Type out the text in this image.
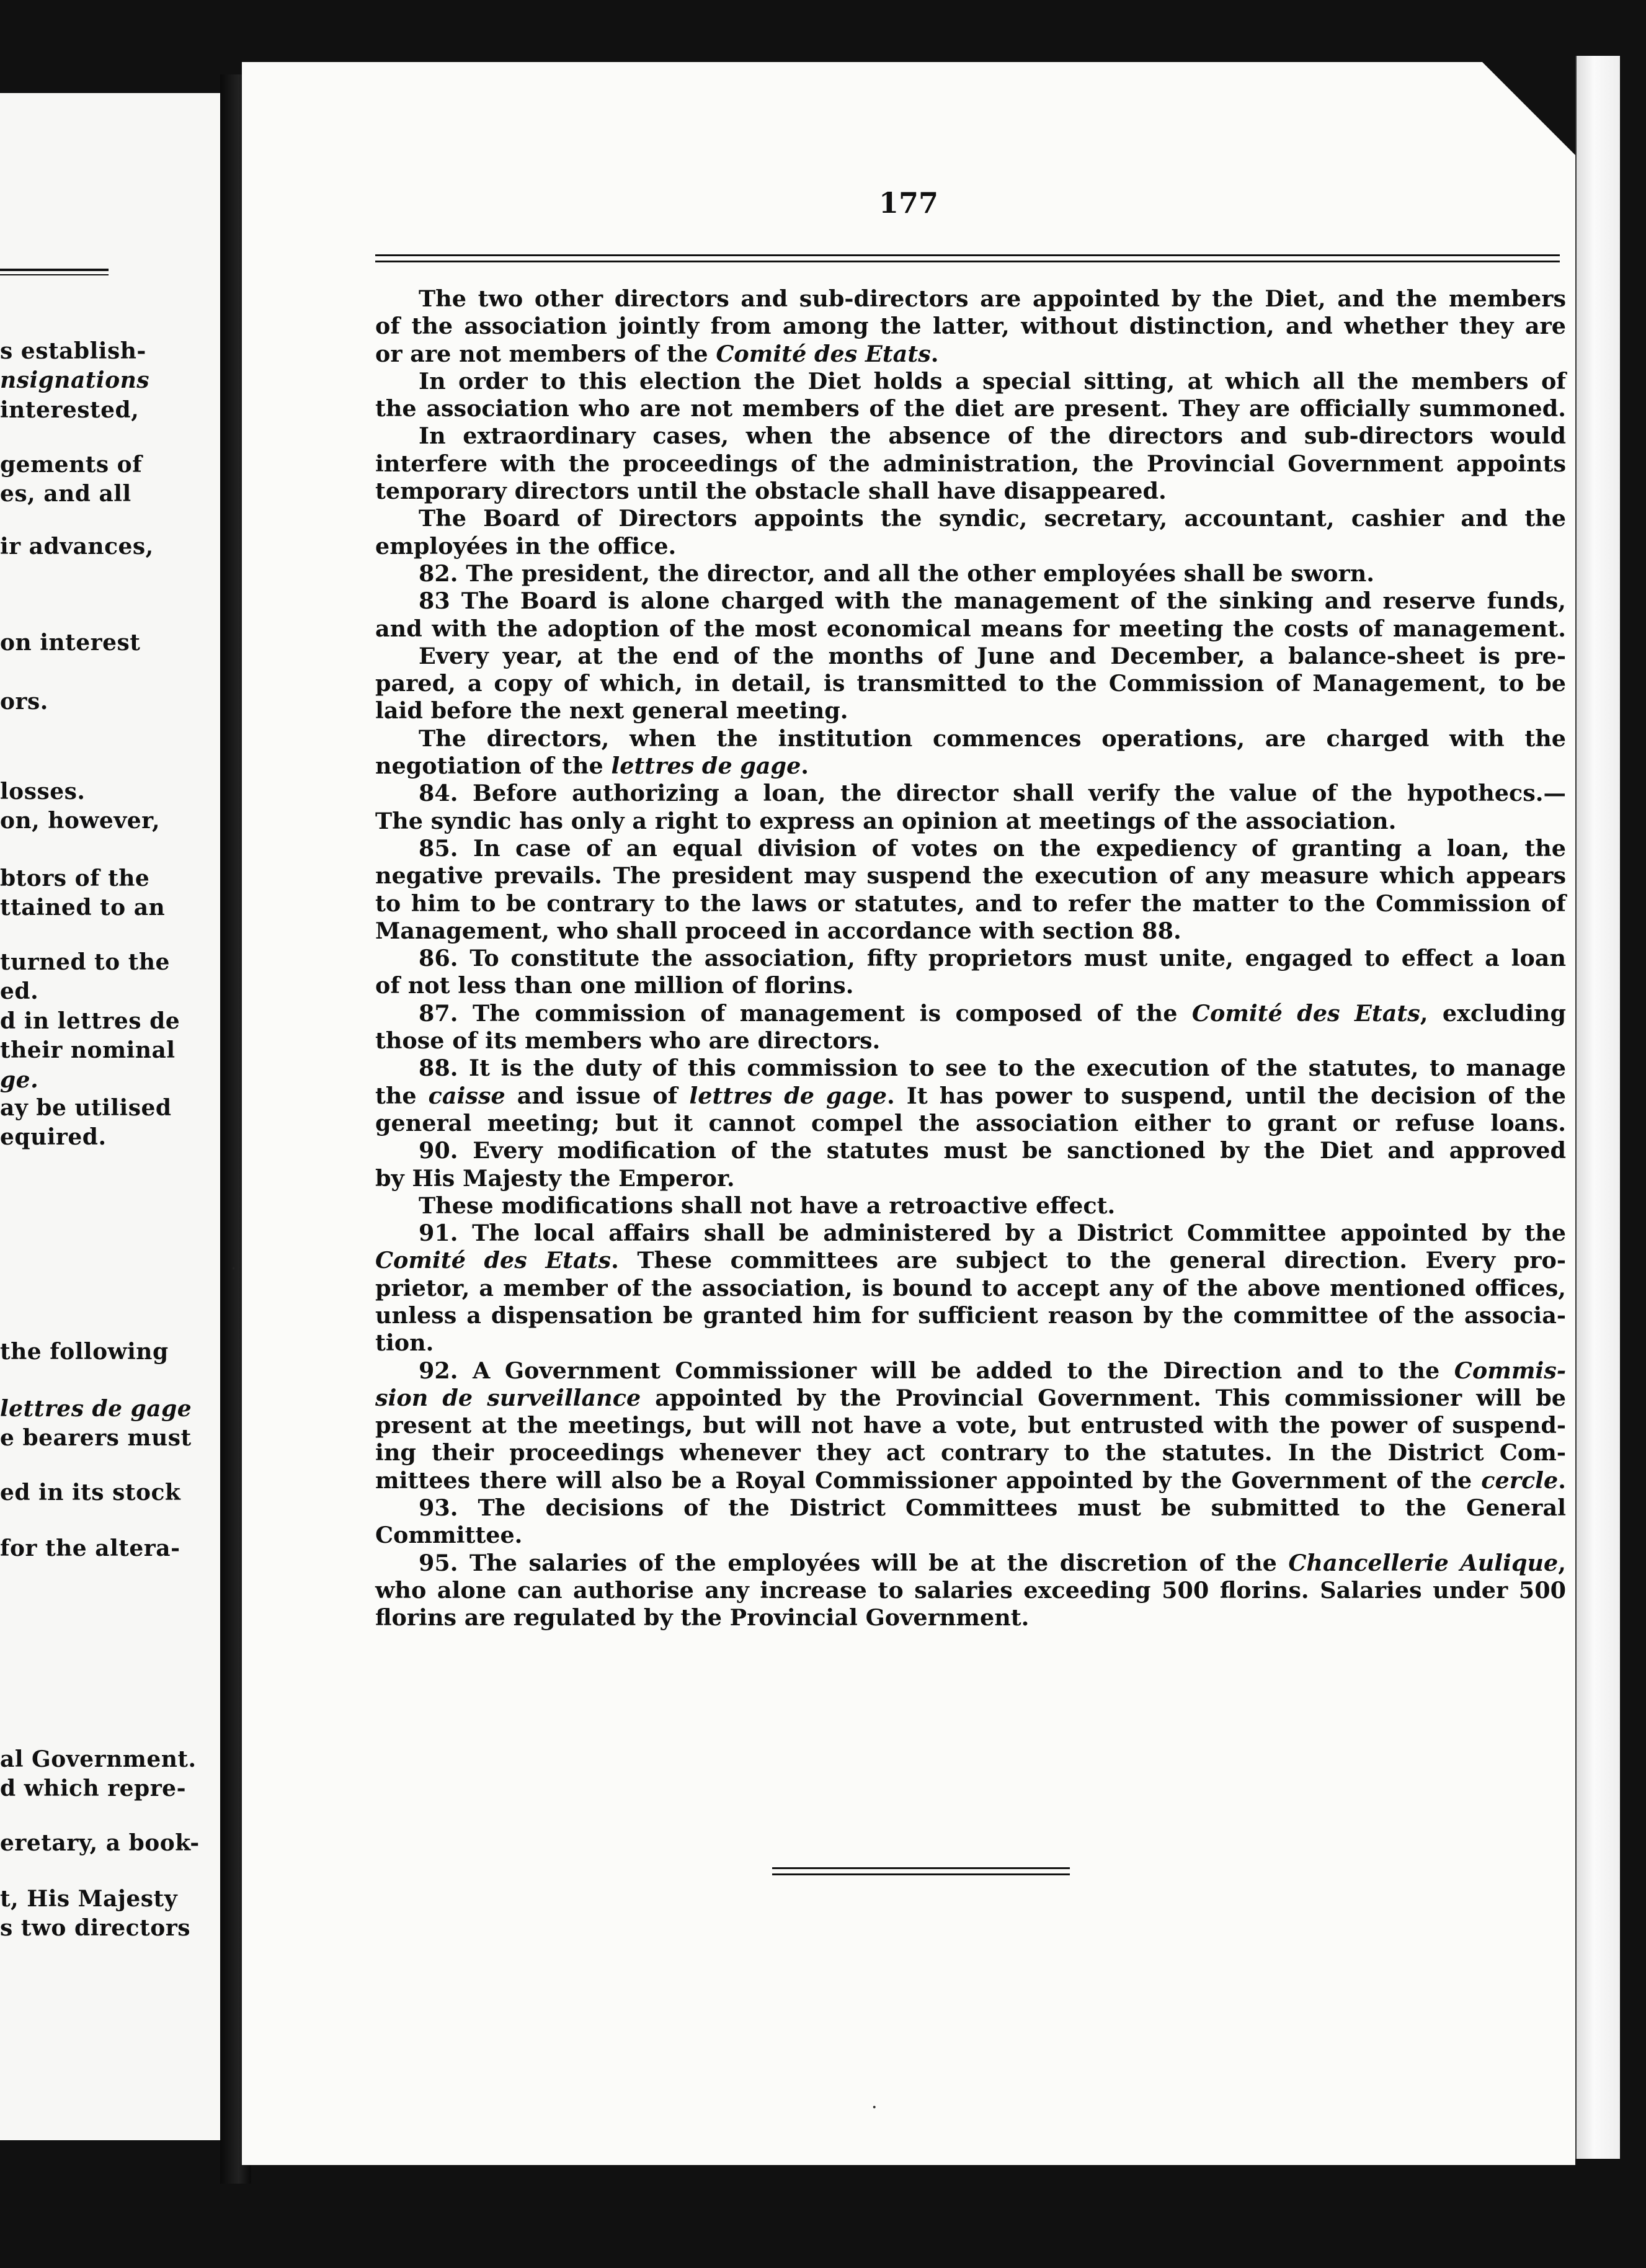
s establish-
nsignations
interested,
gements of
es, and all
ir advances,
on interest
ors.
losses.
on, however,
btors of the
ttained to an
turned to the
ed.
d in lettres de
their nominal
ge.
ay be utilised
equired.
the following
lettres de gage
e bearers must
ed in its stock
for the altera-
al Government.
d which repre-
eretary, a book-
t, His Majesty
s two directors
177
The two other directors and sub-directors are appointed by the Diet, and the members
of the association jointly from among the latter, without distinction, and whether they are
or are not members of the Comité des Etats.
In order to this election the Diet holds a special sitting, at which all the members of
the association who are not members of the diet are present. They are officially summoned.
In extraordinary cases, when the absence of the directors and sub-directors would
interfere with the proceedings of the administration, the Provincial Government appoints
temporary directors until the obstacle shall have disappeared.
The Board of Directors appoints the syndic, secretary, accountant, cashier and the
employées in the office.
82. The president, the director, and all the other employées shall be sworn.
83 The Board is alone charged with the management of the sinking and reserve funds,
and with the adoption of the most economical means for meeting the costs of management.
Every year, at the end of the months of June and December, a balance-sheet is pre-
pared, a copy of which, in detail, is transmitted to the Commission of Management, to be
laid before the next general meeting.
The directors, when the institution commences operations, are charged with the
negotiation of the lettres de gage.
84. Before authorizing a loan, the director shall verify the value of the hypothecs.—
The syndic has only a right to express an opinion at meetings of the association.
85. In case of an equal division of votes on the expediency of granting a loan, the
negative prevails. The president may suspend the execution of any measure which appears
to him to be contrary to the laws or statutes, and to refer the matter to the Commission of
Management, who shall proceed in accordance with section 88.
86. To constitute the association, fifty proprietors must unite, engaged to effect a loan
of not less than one million of florins.
87. The commission of management is composed of the Comité des Etats, excluding
those of its members who are directors.
88. It is the duty of this commission to see to the execution of the statutes, to manage
the caisse and issue of lettres de gage. It has power to suspend, until the decision of the
general meeting; but it cannot compel the association either to grant or refuse loans.
90. Every modification of the statutes must be sanctioned by the Diet and approved
by His Majesty the Emperor.
These modifications shall not have a retroactive effect.
91. The local affairs shall be administered by a District Committee appointed by the
Comité des Etats. These committees are subject to the general direction. Every pro-
prietor, a member of the association, is bound to accept any of the above mentioned offices,
unless a dispensation be granted him for sufficient reason by the committee of the associa-
tion.
92. A Government Commissioner will be added to the Direction and to the Commis-
sion de surveillance appointed by the Provincial Government. This commissioner will be
present at the meetings, but will not have a vote, but entrusted with the power of suspend-
ing their proceedings whenever they act contrary to the statutes. In the District Com-
mittees there will also be a Royal Commissioner appointed by the Government of the cercle.
93. The decisions of the District Committees must be submitted to the General
Committee.
95. The salaries of the employées will be at the discretion of the Chancellerie Aulique,
who alone can authorise any increase to salaries exceeding 500 florins. Salaries under 500
florins are regulated by the Provincial Government.
·
·
